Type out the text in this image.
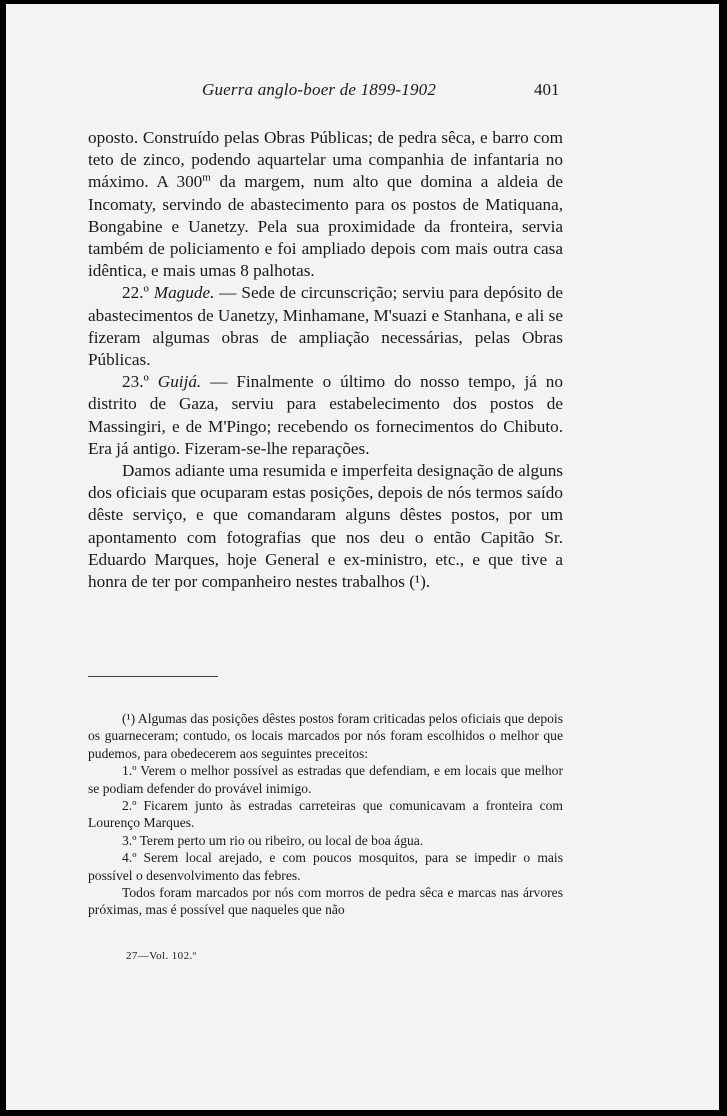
Guerra anglo-boer de 1899-1902	401

oposto. Construído pelas Obras Públicas; de pedra sêca, e barro com teto de zinco, podendo aquartelar uma companhia de infantaria no máximo. A 300$^m$ da margem, num alto que domina a aldeia de Incomaty, servindo de abastecimento para os postos de Matiquana, Bongabine e Uanetzy. Pela sua proximidade da fronteira, servia também de policiamento e foi ampliado depois com mais outra casa idêntica, e mais umas 8 palhotas.

22.º Magude. — Sede de circunscrição; serviu para depósito de abastecimentos de Uanetzy, Minhamane, M'suazi e Stanhana, e ali se fizeram algumas obras de ampliação necessárias, pelas Obras Públicas.

23.º Guijá. — Finalmente o último do nosso tempo, já no distrito de Gaza, serviu para estabelecimento dos postos de Massingiri, e de M'Pingo; recebendo os fornecimentos do Chibuto. Era já antigo. Fizeram-se-lhe reparações.

Damos adiante uma resumida e imperfeita designação de alguns dos oficiais que ocuparam estas posições, depois de nós termos saído dêste serviço, e que comandaram alguns dêstes postos, por um apontamento com fotografias que nos deu o então Capitão Sr. Eduardo Marques, hoje General e ex-ministro, etc., e que tive a honra de ter por companheiro nestes trabalhos (¹).

(¹) Algumas das posições dêstes postos foram criticadas pelos oficiais que depois os guarneceram; contudo, os locais marcados por nós foram escolhidos o melhor que pudemos, para obedecerem aos seguintes preceitos:

1.º Verem o melhor possível as estradas que defendiam, e em locais que melhor se podiam defender do provável inimigo.

2.º Ficarem junto às estradas carreteiras que comunicavam a fronteira com Lourenço Marques.

3.º Terem perto um rio ou ribeiro, ou local de boa água.

4.º Serem local arejado, e com poucos mosquitos, para se impedir o mais possível o desenvolvimento das febres.

Todos foram marcados por nós com morros de pedra sêca e marcas nas árvores próximas, mas é possível que naqueles que não

27—Vol. 102.º
